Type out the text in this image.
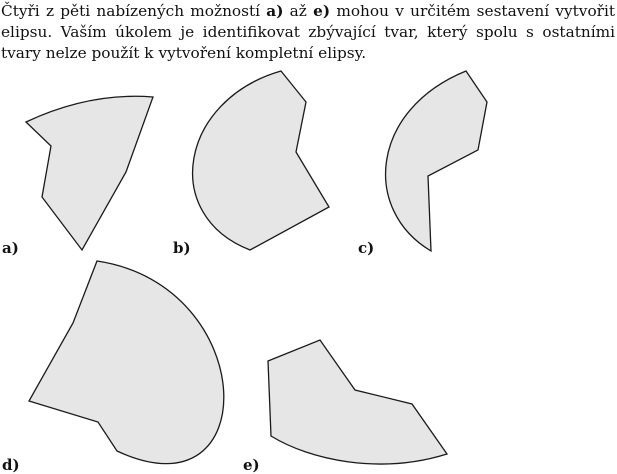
Čtyři z pěti nabízených možností a) až e) mohou v určitém sestavení vytvořit elipsu. Vaším úkolem je identifikovat zbývající tvar, který spolu s ostatními tvary nelze použít k vytvoření kompletní elipsy.

a)	b)	c)
d)	e)
